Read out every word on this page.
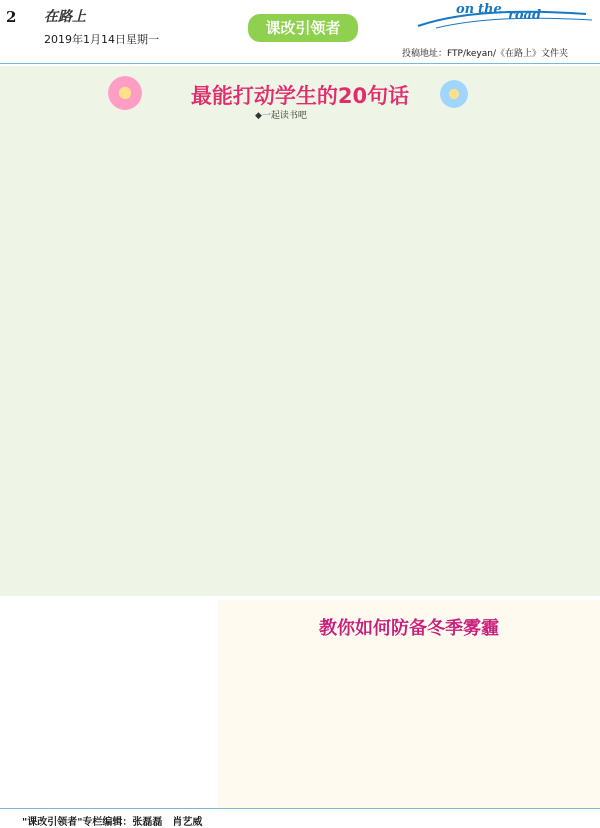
2 在路上
2019年1月14日星期一
课改引领者
on the road
投稿地址：FTP/keyan/《在路上》文件夹
最能打动学生的20句话
◆一起读书吧
教你如何防备冬季雾霾
"课改引领者"专栏编辑：张磊磊　肖艺威
